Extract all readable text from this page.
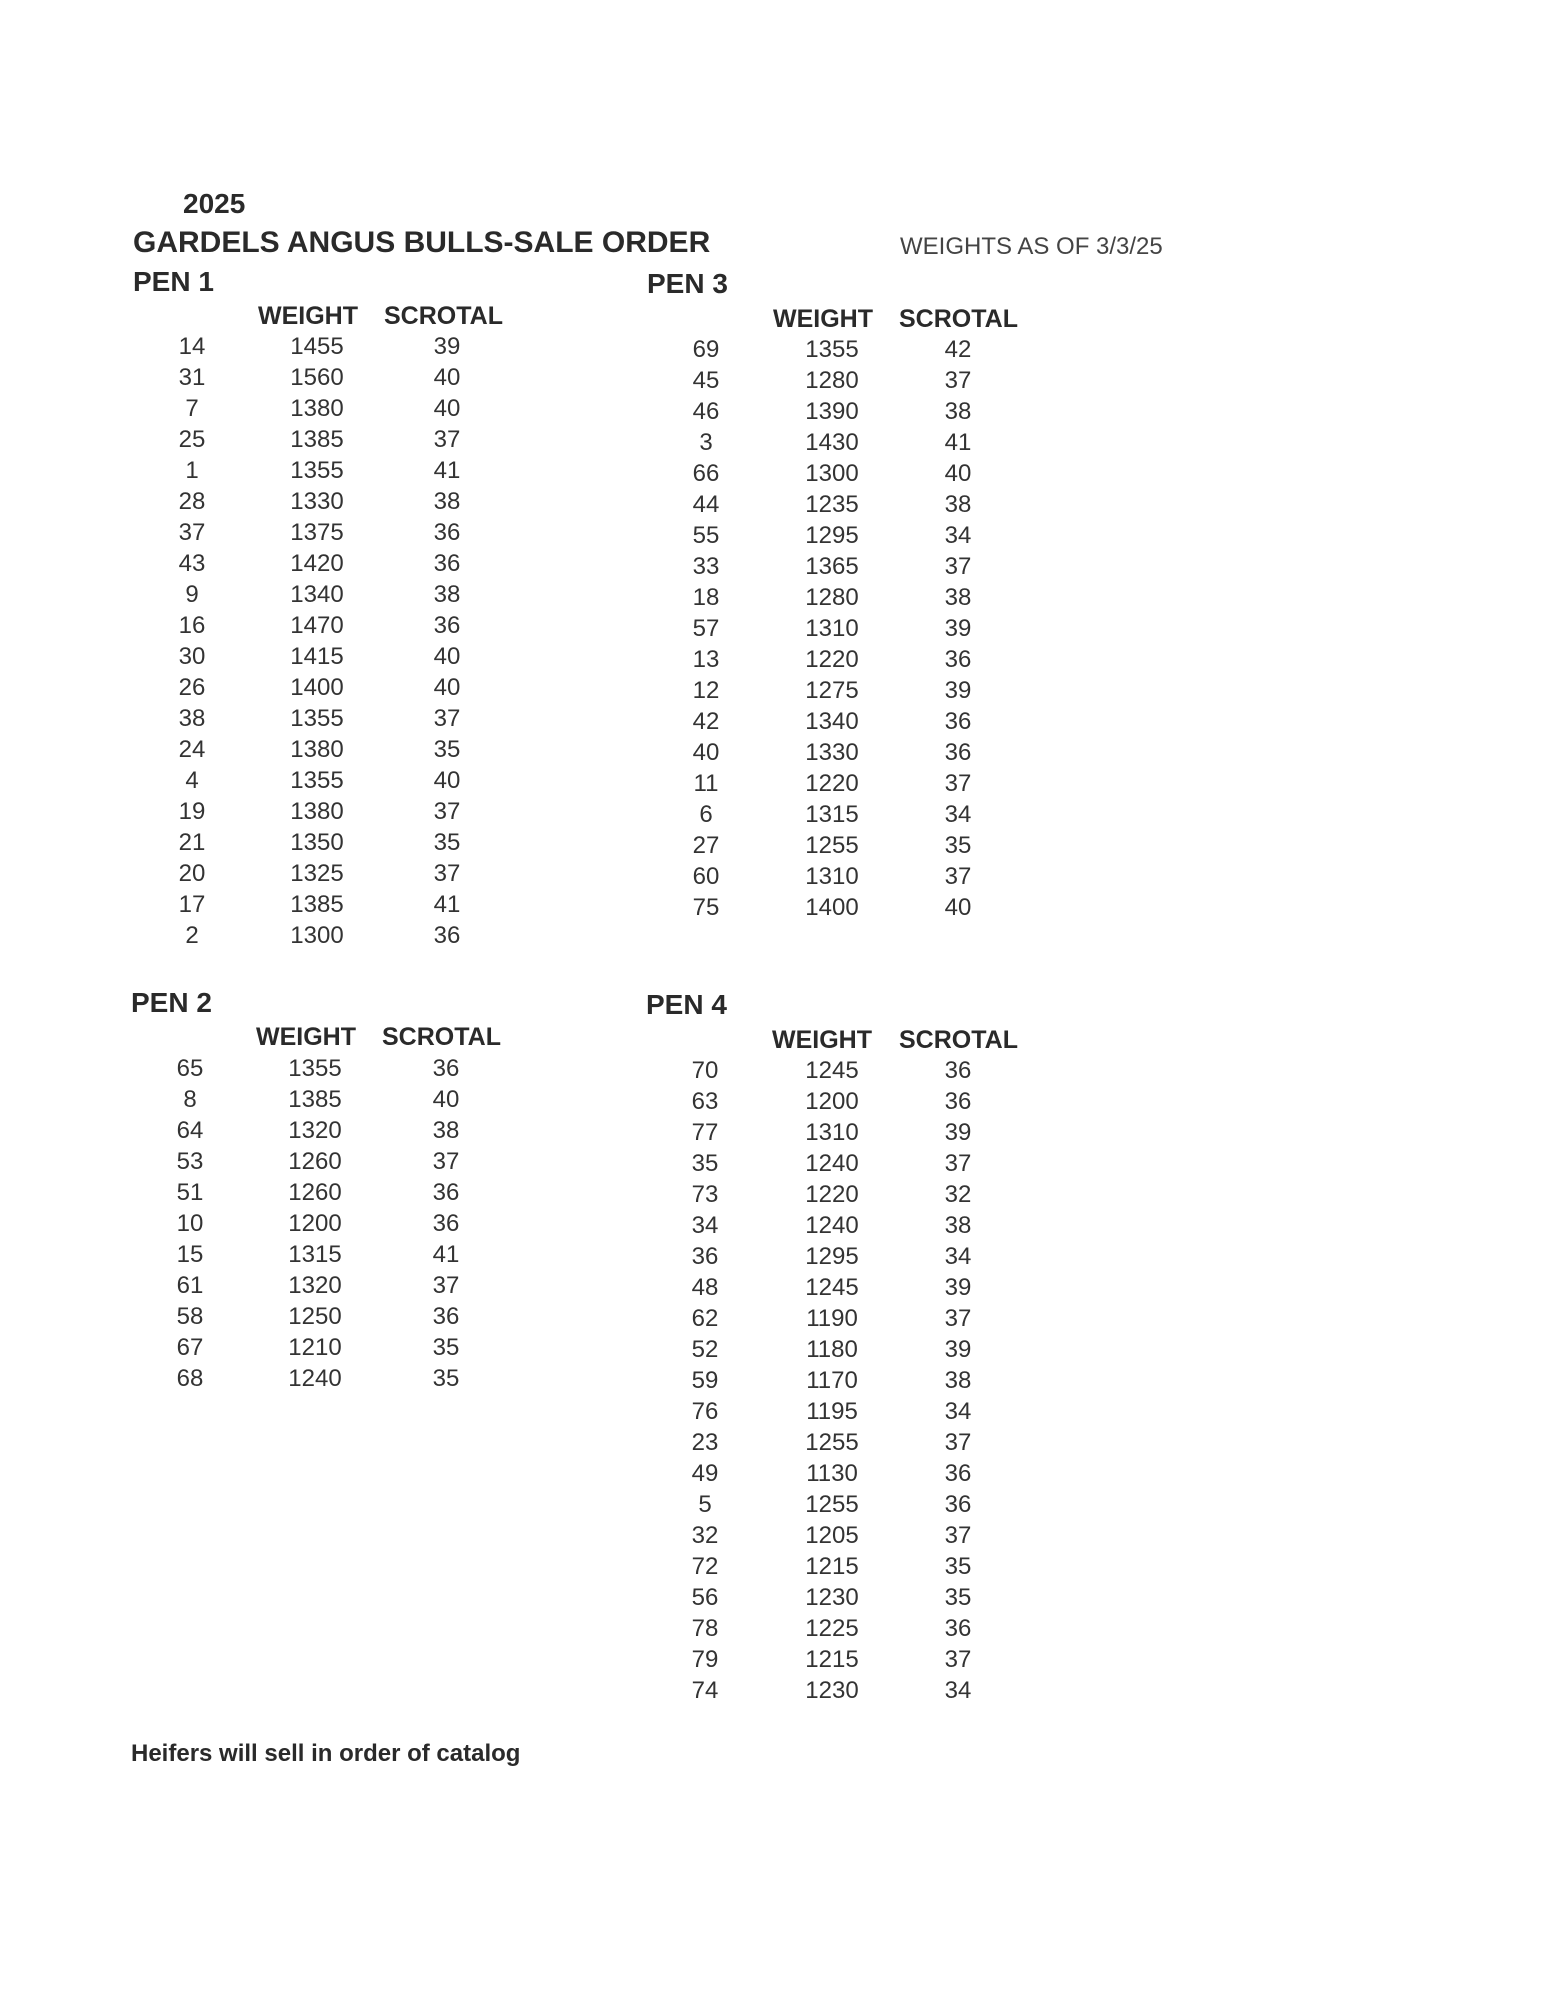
2025
GARDELS ANGUS BULLS-SALE ORDER	WEIGHTS AS OF 3/3/25
PEN 1
WEIGHT SCROTAL
14	1455	39
31	1560	40
7	1380	40
25	1385	37
1	1355	41
28	1330	38
37	1375	36
43	1420	36
9	1340	38
16	1470	36
30	1415	40
26	1400	40
38	1355	37
24	1380	35
4	1355	40
19	1380	37
21	1350	35
20	1325	37
17	1385	41
2	1300	36
PEN 2
WEIGHT SCROTAL
65	1355	36
8	1385	40
64	1320	38
53	1260	37
51	1260	36
10	1200	36
15	1315	41
61	1320	37
58	1250	36
67	1210	35
68	1240	35
PEN 3
WEIGHT SCROTAL
69	1355	42
45	1280	37
46	1390	38
3	1430	41
66	1300	40
44	1235	38
55	1295	34
33	1365	37
18	1280	38
57	1310	39
13	1220	36
12	1275	39
42	1340	36
40	1330	36
11	1220	37
6	1315	34
27	1255	35
60	1310	37
75	1400	40
PEN 4
WEIGHT SCROTAL
70	1245	36
63	1200	36
77	1310	39
35	1240	37
73	1220	32
34	1240	38
36	1295	34
48	1245	39
62	1190	37
52	1180	39
59	1170	38
76	1195	34
23	1255	37
49	1130	36
5	1255	36
32	1205	37
72	1215	35
56	1230	35
78	1225	36
79	1215	37
74	1230	34
Heifers will sell in order of catalog
